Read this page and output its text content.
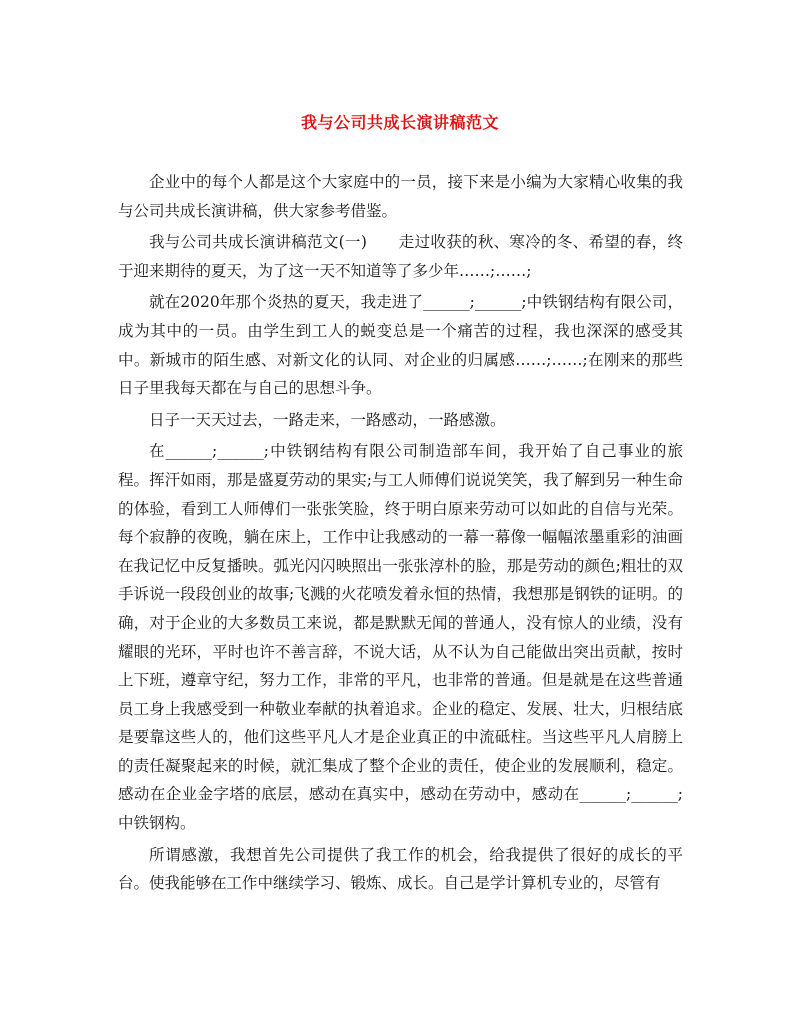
我与公司共成长演讲稿范文

企业中的每个人都是这个大家庭中的一员，接下来是小编为大家精心收集的我与公司共成长演讲稿，供大家参考借鉴。

我与公司共成长演讲稿范文(一)　　走过收获的秋、寒冷的冬、希望的春，终于迎来期待的夏天，为了这一天不知道等了多少年……;……;

就在2020年那个炎热的夏天，我走进了______;______;中铁钢结构有限公司，成为其中的一员。由学生到工人的蜕变总是一个痛苦的过程，我也深深的感受其中。新城市的陌生感、对新文化的认同、对企业的归属感……;……;在刚来的那些日子里我每天都在与自己的思想斗争。

日子一天天过去，一路走来，一路感动，一路感激。

在______;______;中铁钢结构有限公司制造部车间，我开始了自己事业的旅程。挥汗如雨，那是盛夏劳动的果实;与工人师傅们说说笑笑，我了解到另一种生命的体验，看到工人师傅们一张张笑脸，终于明白原来劳动可以如此的自信与光荣。每个寂静的夜晚，躺在床上，工作中让我感动的一幕一幕像一幅幅浓墨重彩的油画在我记忆中反复播映。弧光闪闪映照出一张张淳朴的脸，那是劳动的颜色;粗壮的双手诉说一段段创业的故事;飞溅的火花喷发着永恒的热情，我想那是钢铁的证明。的确，对于企业的大多数员工来说，都是默默无闻的普通人，没有惊人的业绩，没有耀眼的光环，平时也许不善言辞，不说大话，从不认为自己能做出突出贡献，按时上下班，遵章守纪，努力工作，非常的平凡，也非常的普通。但是就是在这些普通员工身上我感受到一种敬业奉献的执着追求。企业的稳定、发展、壮大，归根结底是要靠这些人的，他们这些平凡人才是企业真正的中流砥柱。当这些平凡人肩膀上的责任凝聚起来的时候，就汇集成了整个企业的责任，使企业的发展顺利，稳定。感动在企业金字塔的底层，感动在真实中，感动在劳动中，感动在______;______;中铁钢构。

所谓感激，我想首先公司提供了我工作的机会，给我提供了很好的成长的平台。使我能够在工作中继续学习、锻炼、成长。自己是学计算机专业的，尽管有
